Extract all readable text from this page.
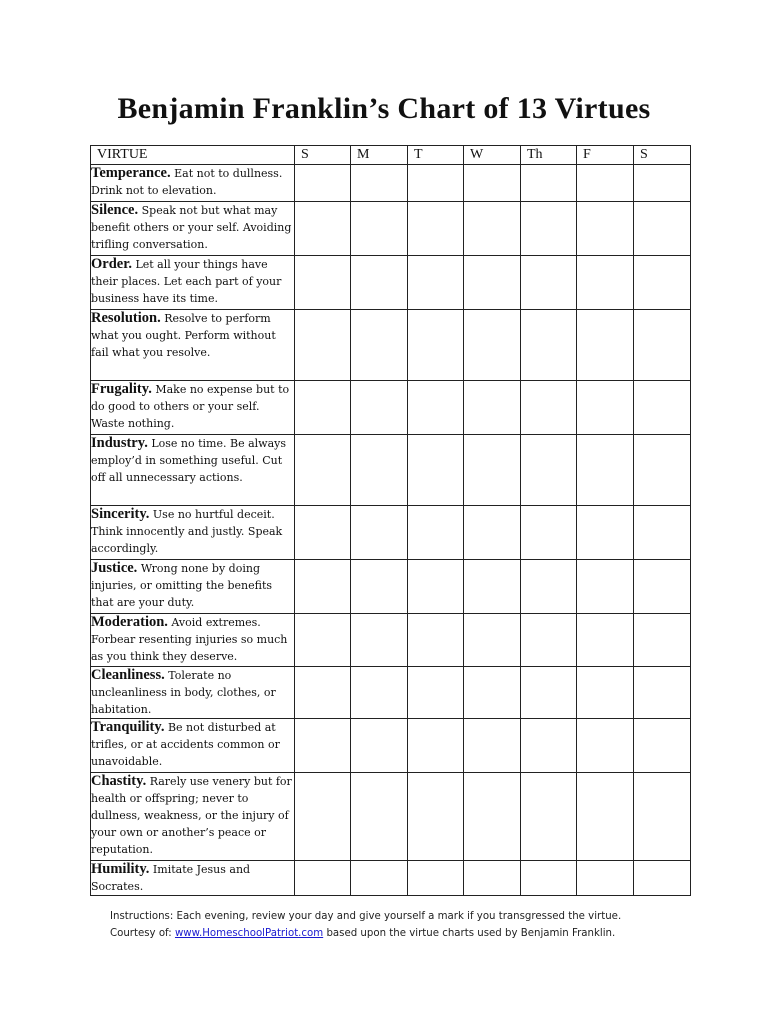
Benjamin Franklin’s Chart of 13 Virtues
VIRTUE	S	M	T	W	Th	F	S
Temperance. Eat not to dullness. Drink not to elevation.							
Silence. Speak not but what may benefit others or your self. Avoiding trifling conversation.							
Order. Let all your things have their places. Let each part of your business have its time.							
Resolution. Resolve to perform what you ought. Perform without fail what you resolve.							
Frugality. Make no expense but to do good to others or your self. Waste nothing.							
Industry. Lose no time. Be always employ’d in something useful. Cut off all unnecessary actions.							
Sincerity. Use no hurtful deceit. Think innocently and justly. Speak accordingly.							
Justice. Wrong none by doing injuries, or omitting the benefits that are your duty.							
Moderation. Avoid extremes. Forbear resenting injuries so much as you think they deserve.							
Cleanliness. Tolerate no uncleanliness in body, clothes, or habitation.							
Tranquility. Be not disturbed at trifles, or at accidents common or unavoidable.							
Chastity. Rarely use venery but for health or offspring; never to dullness, weakness, or the injury of your own or another’s peace or reputation.							
Humility. Imitate Jesus and Socrates.							
Instructions: Each evening, review your day and give yourself a mark if you transgressed the virtue.
Courtesy of: www.HomeschoolPatriot.com based upon the virtue charts used by Benjamin Franklin.
